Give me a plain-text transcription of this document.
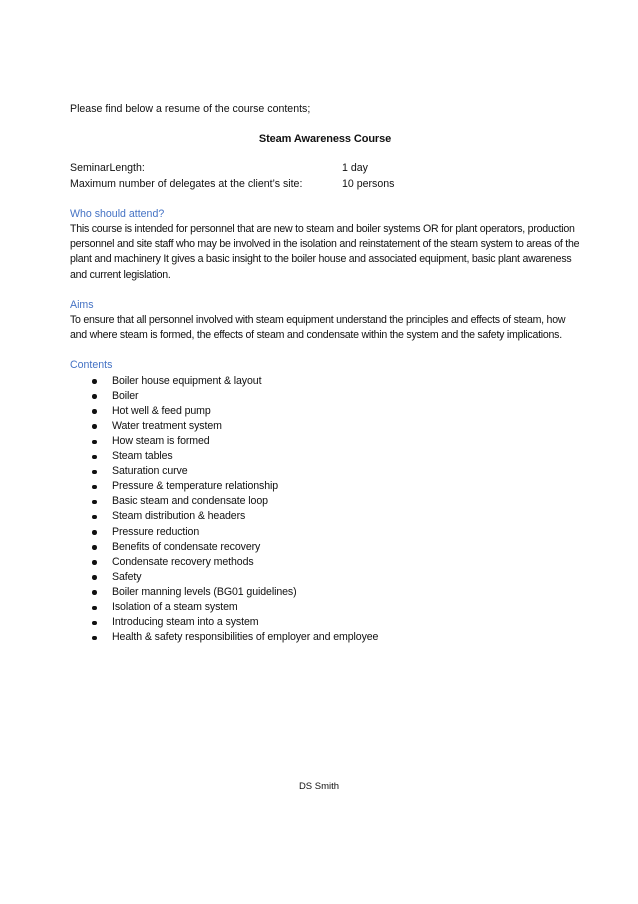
Please find below a resume of the course contents;

Steam Awareness Course

SeminarLength:	1 day
Maximum number of delegates at the client’s site:	10 persons

Who should attend?

This course is intended for personnel that are new to steam and boiler systems OR for plant operators, production personnel and site staff who may be involved in the isolation and reinstatement of the steam system to areas of the plant and machinery It gives a basic insight to the boiler house and associated equipment, basic plant awareness and current legislation.

Aims

To ensure that all personnel involved with steam equipment understand the principles and effects of steam, how and where steam is formed, the effects of steam and condensate within the system and the safety implications.

Contents

Boiler house equipment & layout
Boiler
Hot well & feed pump
Water treatment system
How steam is formed
Steam tables
Saturation curve
Pressure & temperature relationship
Basic steam and condensate loop
Steam distribution & headers
Pressure reduction
Benefits of condensate recovery
Condensate recovery methods
Safety
Boiler manning levels (BG01 guidelines)
Isolation of a steam system
Introducing steam into a system
Health & safety responsibilities of employer and employee
DS Smith
